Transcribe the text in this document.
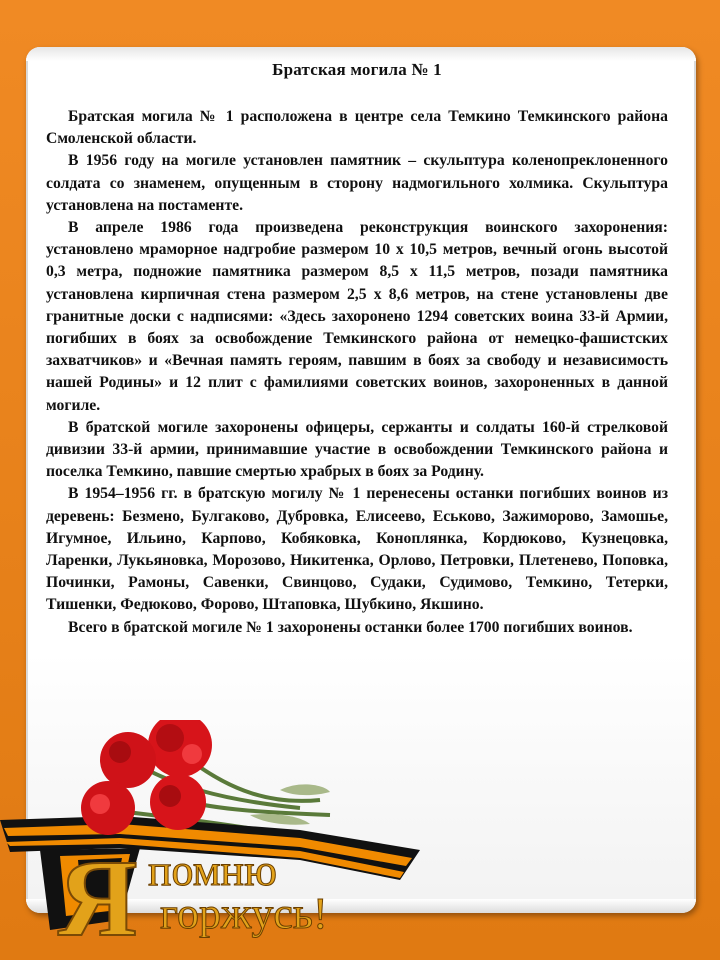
Братская могила № 1

Братская могила № 1 расположена в центре села Темкино Темкинского района Смоленской области.

В 1956 году на могиле установлен памятник – скульптура коленопреклоненного солдата со знаменем, опущенным в сторону надмогильного холмика. Скульптура установлена на постаменте.

В апреле 1986 года произведена реконструкция воинского захоронения: установлено мраморное надгробие размером 10 х 10,5 метров, вечный огонь высотой 0,3 метра, подножие памятника размером 8,5 х 11,5 метров, позади памятника установлена кирпичная стена размером 2,5 х 8,6 метров, на стене установлены две гранитные доски с надписями: «Здесь захоронено 1294 советских воина 33-й Армии, погибших в боях за освобождение Темкинского района от немецко-фашистских захватчиков» и «Вечная память героям, павшим в боях за свободу и независимость нашей Родины» и 12 плит с фамилиями советских воинов, захороненных в данной могиле.

В братской могиле захоронены офицеры, сержанты и солдаты 160-й стрелковой дивизии 33-й армии, принимавшие участие в освобождении Темкинского района и поселка Темкино, павшие смертью храбрых в боях за Родину.

В 1954–1956 гг. в братскую могилу № 1 перенесены останки погибших воинов из деревень: Безмено, Булгаково, Дубровка, Елисеево, Еськово, Зажиморово, Замошье, Игумное, Ильино, Карпово, Кобяковка, Коноплянка, Кордюково, Кузнецовка, Ларенки, Лукьяновка, Морозово, Никитенка, Орлово, Петровки, Плетенево, Поповка, Починки, Рамоны, Савенки, Свинцово, Судаки, Судимово, Темкино, Тетерки, Тишенки, Федюково, Форово, Штаповка, Шубкино, Якшино.

Всего в братской могиле № 1 захоронены останки более 1700 погибших воинов.

Я помню
горжусь!
